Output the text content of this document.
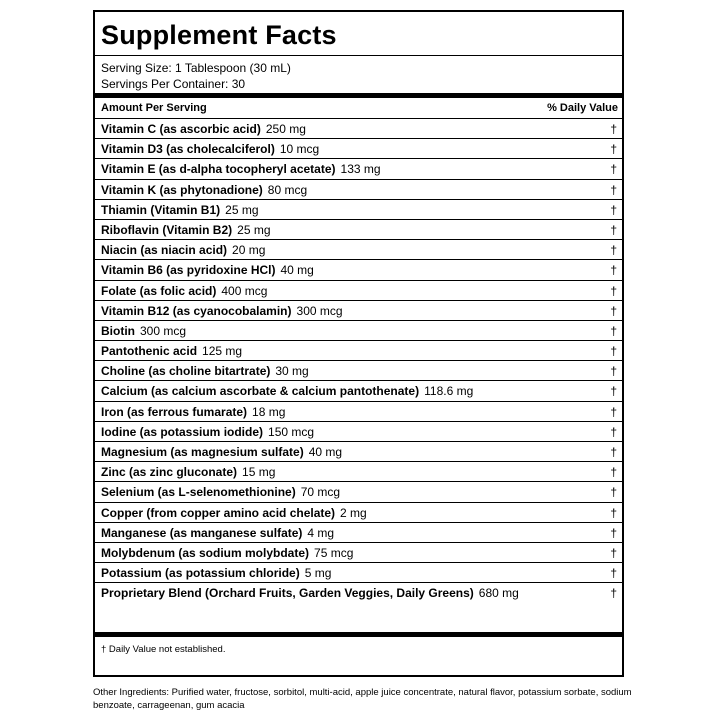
Supplement Facts
Serving Size: 1 Tablespoon (30 mL)
Servings Per Container: 30
Amount Per Serving	% Daily Value
Vitamin C (as ascorbic acid) 250 mg	†
Vitamin D3 (as cholecalciferol) 10 mcg	†
Vitamin E (as d-alpha tocopheryl acetate) 133 mg	†
Vitamin K (as phytonadione) 80 mcg	†
Thiamin (Vitamin B1) 25 mg	†
Riboflavin (Vitamin B2) 25 mg	†
Niacin (as niacin acid) 20 mg	†
Vitamin B6 (as pyridoxine HCl) 40 mg	†
Folate (as folic acid) 400 mcg	†
Vitamin B12 (as cyanocobalamin) 300 mcg	†
Biotin 300 mcg	†
Pantothenic acid 125 mg	†
Choline (as choline bitartrate) 30 mg	†
Calcium (as calcium ascorbate & calcium pantothenate) 118.6 mg	†
Iron (as ferrous fumarate) 18 mg	†
Iodine (as potassium iodide) 150 mcg	†
Magnesium (as magnesium sulfate) 40 mg	†
Zinc (as zinc gluconate) 15 mg	†
Selenium (as L-selenomethionine) 70 mcg	†
Copper (from copper amino acid chelate) 2 mg	†
Manganese (as manganese sulfate) 4 mg	†
Molybdenum (as sodium molybdate) 75 mcg	†
Potassium (as potassium chloride) 5 mg	†
Proprietary Blend (Orchard Fruits, Garden Veggies, Daily Greens) 680 mg	†
† Daily Value not established.
Other Ingredients: Purified water, fructose, sorbitol, multi-acid, apple juice concentrate, natural flavor, potassium sorbate, sodium benzoate, carrageenan, gum acacia
